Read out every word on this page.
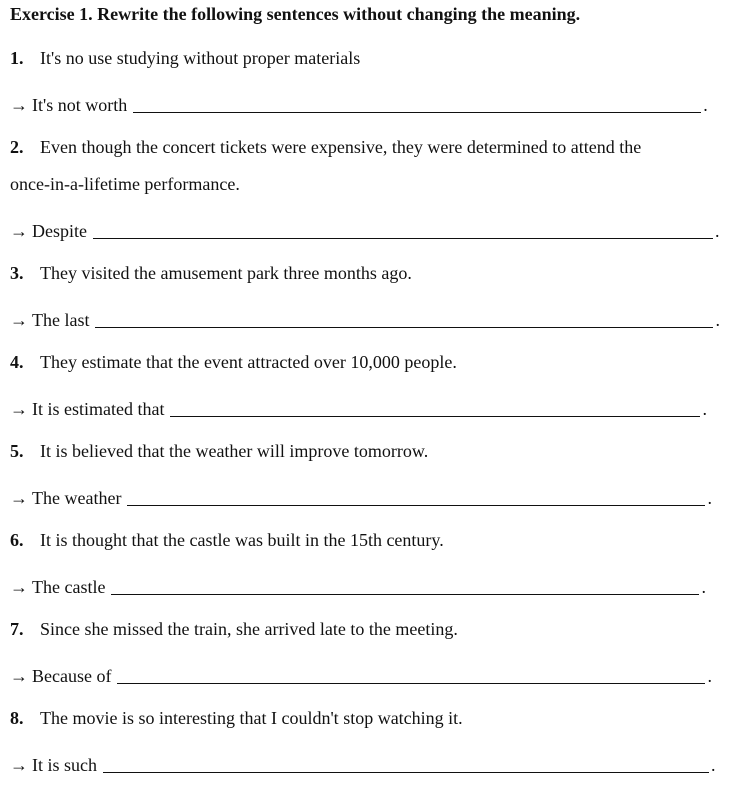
Exercise 1. Rewrite the following sentences without changing the meaning.
1. It's no use studying without proper materials
→ It's not worth	.
2. Even though the concert tickets were expensive, they were determined to attend the
once-in-a-lifetime performance.
→ Despite	.
3. They visited the amusement park three months ago.
→ The last	.
4. They estimate that the event attracted over 10,000 people.
→ It is estimated that	.
5. It is believed that the weather will improve tomorrow.
→ The weather	.
6. It is thought that the castle was built in the 15th century.
→ The castle	.
7. Since she missed the train, she arrived late to the meeting.
→ Because of	.
8. The movie is so interesting that I couldn't stop watching it.
→ It is such	.
